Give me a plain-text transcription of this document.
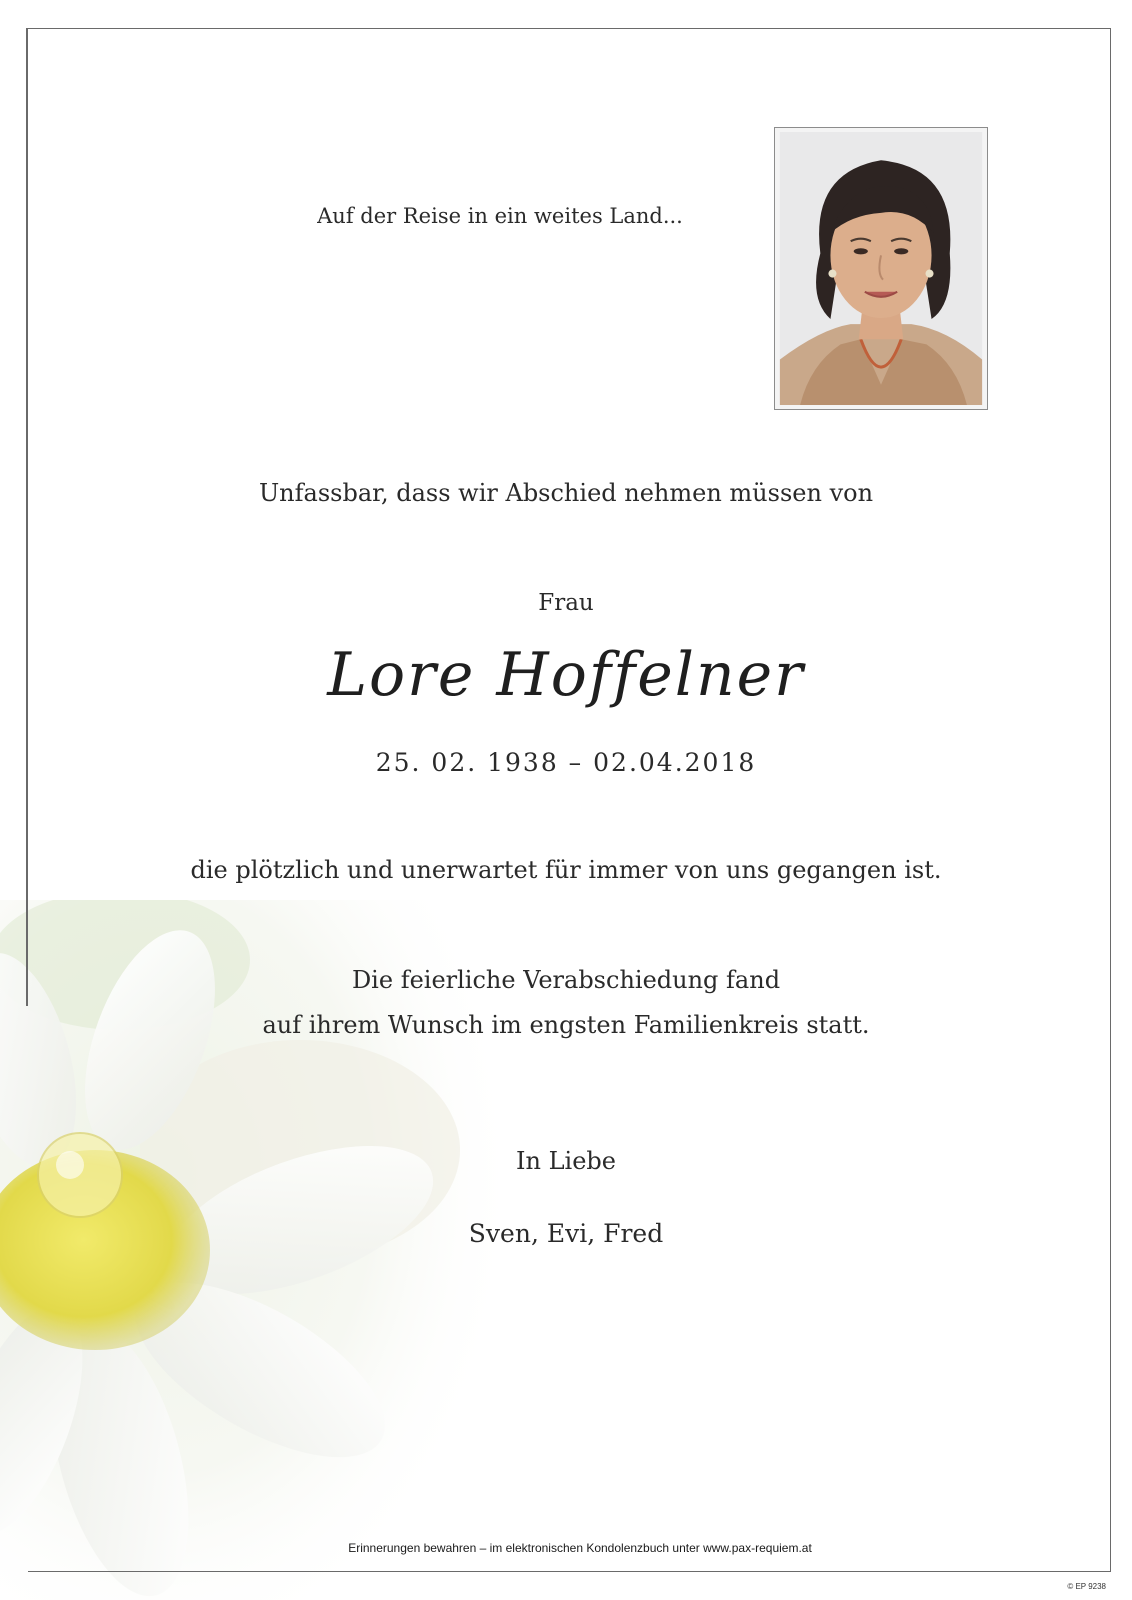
Auf der Reise in ein weites Land...
Unfassbar, dass wir Abschied nehmen müssen von
Frau
Lore Hoffelner
25. 02. 1938 – 02.04.2018
die plötzlich und unerwartet für immer von uns gegangen ist.
Die feierliche Verabschiedung fand
auf ihrem Wunsch im engsten Familienkreis statt.
In Liebe
Sven, Evi, Fred
Erinnerungen bewahren – im elektronischen Kondolenzbuch unter www.pax-requiem.at
© EP 9238
